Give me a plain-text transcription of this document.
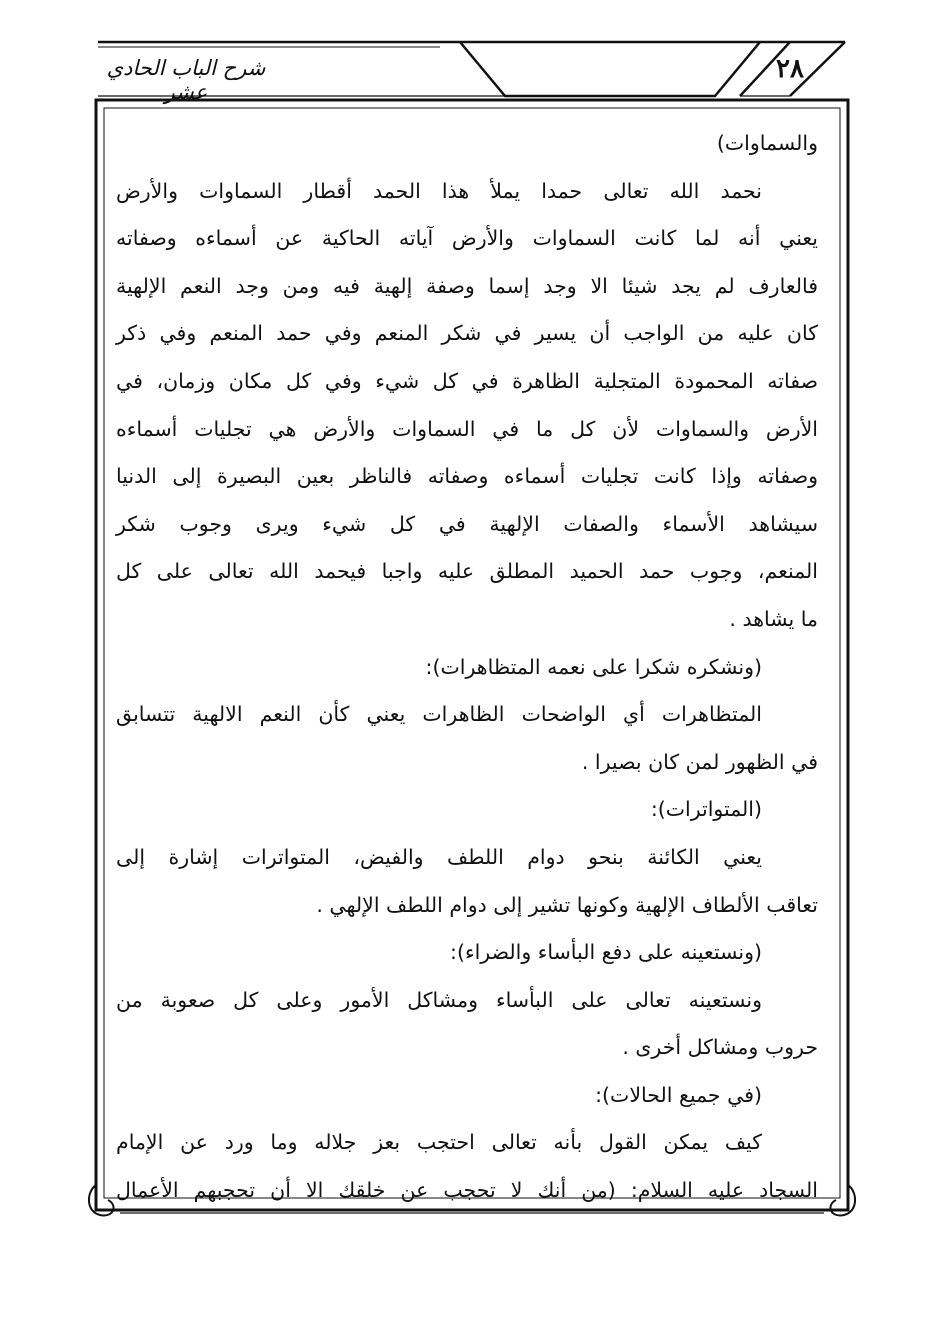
٢٨
شرح الباب الحادي عشر
والسماوات)
نحمد الله تعالى حمدا يملأ هذا الحمد أقطار السماوات والأرض
يعني أنه لما كانت السماوات والأرض آياته الحاكية عن أسماءه وصفاته
فالعارف لم يجد شيئا الا وجد إسما وصفة إلهية فيه ومن وجد النعم الإلهية
كان عليه من الواجب أن يسير في شكر المنعم وفي حمد المنعم وفي ذكر
صفاته المحمودة المتجلية الظاهرة في كل شيء وفي كل مكان وزمان، في
الأرض والسماوات لأن كل ما في السماوات والأرض هي تجليات أسماءه
وصفاته وإذا كانت تجليات أسماءه وصفاته فالناظر بعين البصيرة إلى الدنيا
سيشاهد الأسماء والصفات الإلهية في كل شيء ويرى وجوب شكر
المنعم، وجوب حمد الحميد المطلق عليه واجبا فيحمد الله تعالى على كل
ما يشاهد .
(ونشكره شكرا على نعمه المتظاهرات):
المتظاهرات أي الواضحات الظاهرات يعني كأن النعم الالهية تتسابق
في الظهور لمن كان بصيرا .
(المتواترات):
يعني الكائنة بنحو دوام اللطف والفيض، المتواترات إشارة إلى
تعاقب الألطاف الإلهية وكونها تشير إلى دوام اللطف الإلهي .
(ونستعينه على دفع البأساء والضراء):
ونستعينه تعالى على البأساء ومشاكل الأمور وعلى كل صعوبة من
حروب ومشاكل أخرى .
(في جميع الحالات):
كيف يمكن القول بأنه تعالى احتجب بعز جلاله وما ورد عن الإمام
السجاد عليه السلام: (من أنك لا تحجب عن خلقك الا أن تحجبهم الأعمال
